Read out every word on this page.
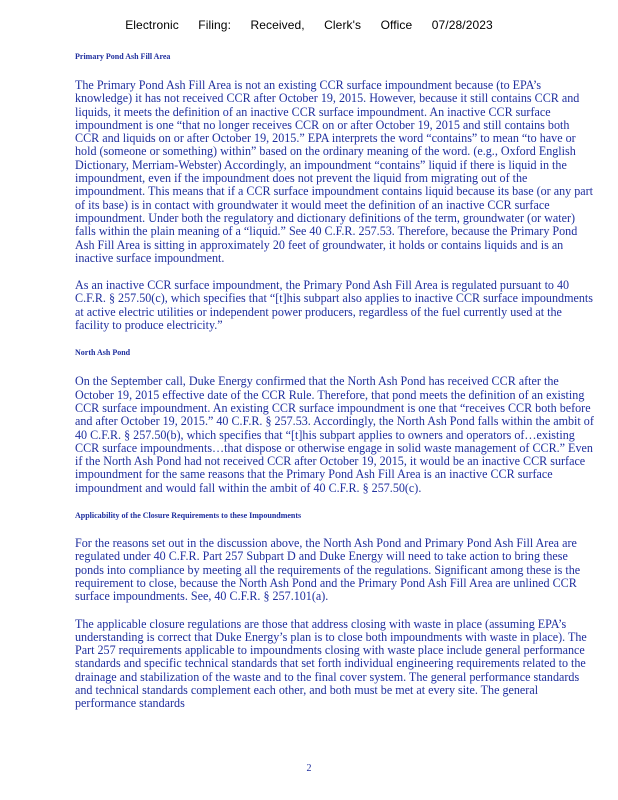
Electronic Filing: Received, Clerk's Office 07/28/2023

Primary Pond Ash Fill Area

The Primary Pond Ash Fill Area is not an existing CCR surface impoundment because (to EPA’s knowledge) it has not received CCR after October 19, 2015. However, because it still contains CCR and liquids, it meets the definition of an inactive CCR surface impoundment. An inactive CCR surface impoundment is one “that no longer receives CCR on or after October 19, 2015 and still contains both CCR and liquids on or after October 19, 2015.” EPA interprets the word “contains” to mean “to have or hold (someone or something) within” based on the ordinary meaning of the word. (e.g., Oxford English Dictionary, Merriam-Webster) Accordingly, an impoundment “contains” liquid if there is liquid in the impoundment, even if the impoundment does not prevent the liquid from migrating out of the impoundment. This means that if a CCR surface impoundment contains liquid because its base (or any part of its base) is in contact with groundwater it would meet the definition of an inactive CCR surface impoundment. Under both the regulatory and dictionary definitions of the term, groundwater (or water) falls within the plain meaning of a “liquid.” See 40 C.F.R. 257.53. Therefore, because the Primary Pond Ash Fill Area is sitting in approximately 20 feet of groundwater, it holds or contains liquids and is an inactive surface impoundment.

As an inactive CCR surface impoundment, the Primary Pond Ash Fill Area is regulated pursuant to 40 C.F.R. § 257.50(c), which specifies that “[t]his subpart also applies to inactive CCR surface impoundments at active electric utilities or independent power producers, regardless of the fuel currently used at the facility to produce electricity.”

North Ash Pond

On the September call, Duke Energy confirmed that the North Ash Pond has received CCR after the October 19, 2015 effective date of the CCR Rule. Therefore, that pond meets the definition of an existing CCR surface impoundment. An existing CCR surface impoundment is one that “receives CCR both before and after October 19, 2015.” 40 C.F.R. § 257.53. Accordingly, the North Ash Pond falls within the ambit of 40 C.F.R. § 257.50(b), which specifies that “[t]his subpart applies to owners and operators of…existing CCR surface impoundments…that dispose or otherwise engage in solid waste management of CCR.” Even if the North Ash Pond had not received CCR after October 19, 2015, it would be an inactive CCR surface impoundment for the same reasons that the Primary Pond Ash Fill Area is an inactive CCR surface impoundment and would fall within the ambit of 40 C.F.R. § 257.50(c).

Applicability of the Closure Requirements to these Impoundments

For the reasons set out in the discussion above, the North Ash Pond and Primary Pond Ash Fill Area are regulated under 40 C.F.R. Part 257 Subpart D and Duke Energy will need to take action to bring these ponds into compliance by meeting all the requirements of the regulations. Significant among these is the requirement to close, because the North Ash Pond and the Primary Pond Ash Fill Area are unlined CCR surface impoundments. See, 40 C.F.R. § 257.101(a).

The applicable closure regulations are those that address closing with waste in place (assuming EPA’s understanding is correct that Duke Energy’s plan is to close both impoundments with waste in place). The Part 257 requirements applicable to impoundments closing with waste place include general performance standards and specific technical standards that set forth individual engineering requirements related to the drainage and stabilization of the waste and to the final cover system. The general performance standards and technical standards complement each other, and both must be met at every site. The general performance standards

2
